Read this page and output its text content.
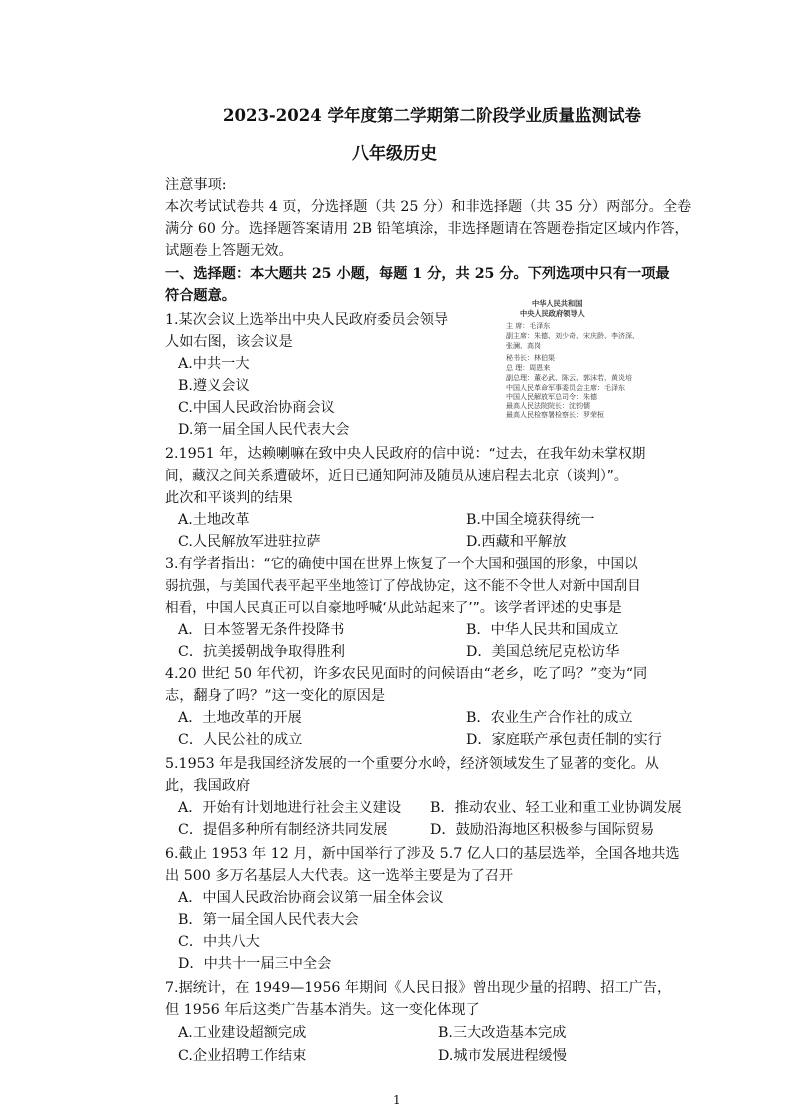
2023-2024 学年度第二学期第二阶段学业质量监测试卷
八年级历史
注意事项:
本次考试试卷共 4 页，分选择题（共 25 分）和非选择题（共 35 分）两部分。全卷
满分 60 分。选择题答案请用 2B 铅笔填涂，非选择题请在答题卷指定区域内作答，
试题卷上答题无效。
一、选择题：本大题共 25 小题，每题 1 分，共 25 分。下列选项中只有一项最
符合题意。
1.某次会议上选举出中央人民政府委员会领导
人如右图，该会议是
A.中共一大
B.遵义会议
C.中国人民政治协商会议
D.第一届全国人民代表大会
中华人民共和国
中央人民政府领导人
主 席：毛泽东
副主席：朱德、刘少奇、宋庆龄、李济深、
张澜、高岗
秘书长：林伯渠
总 理：周恩来
副总理：董必武、陈云、郭沫若、黄炎培
中国人民革命军事委员会主席：毛泽东
中国人民解放军总司令：朱德
最高人民法院院长：沈钧儒
最高人民检察署检察长：罗荣桓
2.1951 年，达赖喇嘛在致中央人民政府的信中说：“过去，在我年幼未掌权期
间，藏汉之间关系遭破坏，近日已通知阿沛及随员从速启程去北京（谈判）”。
此次和平谈判的结果
A.土地改革	B.中国全境获得统一
C.人民解放军进驻拉萨	D.西藏和平解放
3.有学者指出：“它的确使中国在世界上恢复了一个大国和强国的形象，中国以
弱抗强，与美国代表平起平坐地签订了停战协定，这不能不令世人对新中国刮目
相看，中国人民真正可以自豪地呼喊‘从此站起来了’”。该学者评述的史事是
A．日本签署无条件投降书	B．中华人民共和国成立
C．抗美援朝战争取得胜利	D．美国总统尼克松访华
4.20 世纪 50 年代初，许多农民见面时的问候语由“老乡，吃了吗？”变为“同
志，翻身了吗？”这一变化的原因是
A．土地改革的开展	B．农业生产合作社的成立
C．人民公社的成立	D．家庭联产承包责任制的实行
5.1953 年是我国经济发展的一个重要分水岭，经济领域发生了显著的变化。从
此，我国政府
A．开始有计划地进行社会主义建设 B．推动农业、轻工业和重工业协调发展
C．提倡多种所有制经济共同发展	D．鼓励沿海地区积极参与国际贸易
6.截止 1953 年 12 月，新中国举行了涉及 5.7 亿人口的基层选举，全国各地共选
出 500 多万名基层人大代表。这一选举主要是为了召开
A．中国人民政治协商会议第一届全体会议
B．第一届全国人民代表大会
C．中共八大
D．中共十一届三中全会
7.据统计，在 1949—1956 年期间《人民日报》曾出现少量的招聘、招工广告，
但 1956 年后这类广告基本消失。这一变化体现了
A.工业建设超额完成	B.三大改造基本完成
C.企业招聘工作结束	D.城市发展进程缓慢
1
